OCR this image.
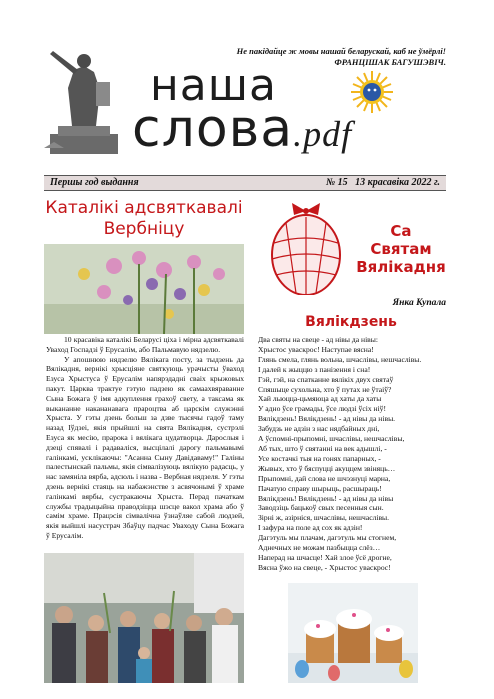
Не пакідайце ж мовы нашай беларускай, каб не ўмёрлі!
ФРАНЦІШАК БАГУШЭВІЧ.
наша
слова.pdf
Першы год выдання	№ 15 13 красавіка 2022 г.
Каталікі адсвяткавалі
Вербніцу

10 красавіка каталікі Беларусі ціха і мірна адсвяткавалі Уваход Госпадзі ў Ерусалім, або Пальмавую нядзелю.

У апошнюю нядзелю Вялікага посту, за тыдзень да Вялікадня, вернікі хрысціяне святкуюць урачысты ўваход Езуса Хрыстуса ў Ерусалім напярэдадні сваіх крыжовых пакут. Царква трактуе гэтую падзею як самаахвяраванне Сына Божага ў імя адкуплення грахоў свету, а таксама як выкананне накананавага прароцтва аб царскім служэнні Хрыста. У гэты дзень больш за дзве тысячы гадоў таму назад Іўдзеі, якія прыйшлі на свята Вялікадня, сустрэлі Езуса як месію, прарока і вялікага цудатворца. Дарослыя і дзеці спявалі і радаваліся, высцілалі дарогу пальмавымі галінкамі, усклікаючы: "Асанна Сыну Давідаваму!" Галіны палестынскай пальмы, якія сімвалізуюць вялікую радасць, у нас замяніла вярба, адсюль і назва - Вербная нядзеля. У гэты дзень вернікі стаяць на набажэнстве з асвячонымі ў храме галінкамі вярбы, сустракаючы Хрыста. Перад пачаткам службы традыцыйна праводзіцца шэсце вакол храма або ў самім храме. Працэсія сімвалічна ўзнаўляе сабой людзей, якія выйшлі насустрач Збаўцу падчас Уваходу Сына Божага ў Ерусалім.

Са
Святам
Вялікадня
Янка Купала
Вялікдзень
Два святы на свеце - ад нівы да нівы:
Хрыстос уваскрос! Наступае вясна!
Глянь смела, глянь вольна, шчаслівы, нешчаслівы.
І далей к жыццю з панізення і сна!
Гэй, гэй, на спатканне вялікіх двух святаў
Спяшыце сухольна, хто ў путах не ўтаіў?
Хай льюцца-цьмяюца ад хаты да хаты
У адно ўсе грамады, ўсе людзі ўсіх ніў!
Вялікдзень! Вялікдзень! - ад нівы да нівы.
Забудзь не адзін з нас нядбайных дні,
А ўспомні-прыпомні, шчаслівы, нешчаслівы,
Аб тых, што ў святанні на век адышлі, -
Усе костачкі тыя на гонях папарных, -
Жывых, хто ў бяспуцці акуццем звіняць…
Прыпомні, дай слова не шчэзнуці марна,
Пачатую справу шырыць, расшыраць!
Вялікдзень! Вялікдзень! - ад нівы да нівы
Заводзіць бацькоў свых песенныя сын.
Зірні ж, азірніся, шчаслівы, нешчаслівы.
І зафура на поле ад сох як адзін!
Дагэтуль мы плачам, дагэтуль мы стогнем,
Аднечных не можам пазбыцца слёз…
Наперад на шчасце! Хай злое ўсё дрогне,
Вясна ўжо на свеце, - Хрыстос уваскрос!
